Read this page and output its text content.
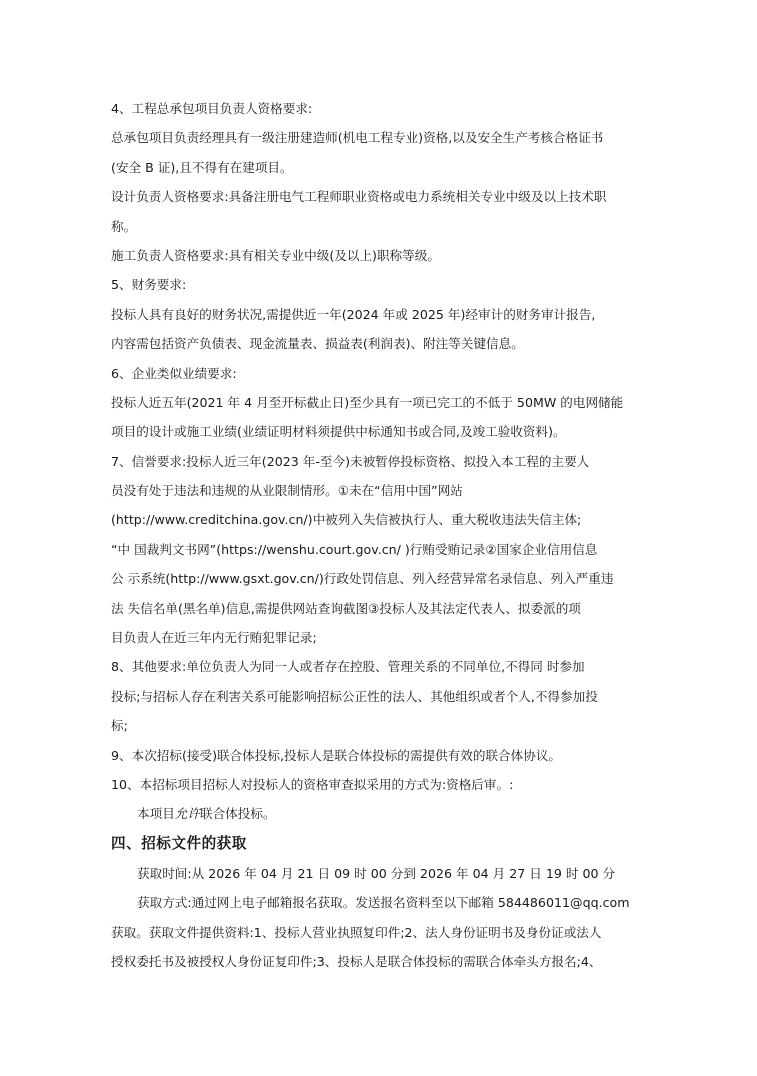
4、工程总承包项目负责人资格要求:
总承包项目负责经理具有一级注册建造师(机电工程专业)资格,以及安全生产考核合格证书
(安全 B 证),且不得有在建项目。
设计负责人资格要求:具备注册电气工程师职业资格或电力系统相关专业中级及以上技术职
称。
施工负责人资格要求:具有相关专业中级(及以上)职称等级。
5、财务要求:
投标人具有良好的财务状况,需提供近一年(2024 年或 2025 年)经审计的财务审计报告,
内容需包括资产负债表、现金流量表、损益表(利润表)、附注等关键信息。
6、企业类似业绩要求:
投标人近五年(2021 年 4 月至开标截止日)至少具有一项已完工的不低于 50MW 的电网储能
项目的设计或施工业绩(业绩证明材料须提供中标通知书或合同,及竣工验收资料)。
7、信誉要求:投标人近三年(2023 年-至今)未被暂停投标资格、拟投入本工程的主要人
员没有处于违法和违规的从业限制情形。①未在“信用中国”网站
(http://www.creditchina.gov.cn/)中被列入失信被执行人、重大税收违法失信主体;
“中 国裁判文书网”(https://wenshu.court.gov.cn/ )行贿受贿记录②国家企业信用信息
公 示系统(http://www.gsxt.gov.cn/)行政处罚信息、列入经营异常名录信息、列入严重违
法 失信名单(黑名单)信息,需提供网站查询截图③投标人及其法定代表人、拟委派的项
目负责人在近三年内无行贿犯罪记录;
8、其他要求:单位负责人为同一人或者存在控股、管理关系的不同单位,不得同 时参加
投标;与招标人存在利害关系可能影响招标公正性的法人、其他组织或者个人,不得参加投
标;
9、本次招标(接受)联合体投标,投标人是联合体投标的需提供有效的联合体协议。
10、本招标项目招标人对投标人的资格审查拟采用的方式为:资格后审。:
本项目允许联合体投标。
四、招标文件的获取
获取时间:从 2026 年 04 月 21 日 09 时 00 分到 2026 年 04 月 27 日 19 时 00 分
获取方式:通过网上电子邮箱报名获取。发送报名资料至以下邮箱 584486011@qq.com
获取。获取文件提供资料:1、投标人营业执照复印件;2、法人身份证明书及身份证或法人
授权委托书及被授权人身份证复印件;3、投标人是联合体投标的需联合体牵头方报名;4、
